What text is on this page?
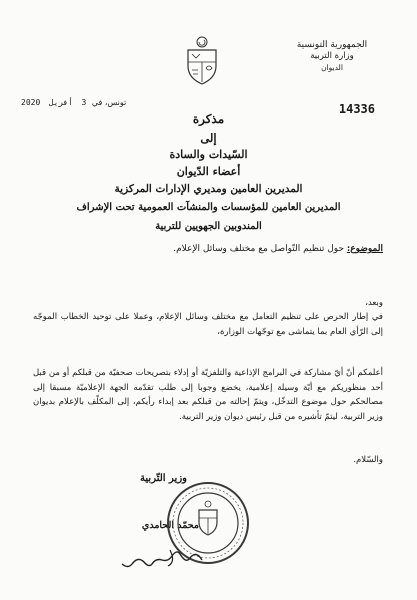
الجمهورية التونسية
وزارة التربية
الديوان
14336
تونس، في 3 أفريل 2020
مذكرة
إلى
السّيدات والسادة
أعضاء الدّيوان
المديرين العامين ومديري الإدارات المركزية
المديرين العامين للمؤسسات والمنشآت العمومية تحت الإشراف
المندوبين الجهويين للتربية
الموضوع: حول تنظيم التّواصل مع مختلف وسائل الإعلام.
وبعد،
في إطار الحرص على تنظيم التعامل مع مختلف وسائل الإعلام، وعملا على توحيد الخطاب الموجّه إلى الرّأي العام بما يتماشى مع توجّهات الوزارة،
أعلمكم أنّ أيّ مشاركة في البرامج الإذاعية والتلفزيّة أو إدلاء بتصريحات صحفيّة من قبلكم أو من قبل أحد منظوريكم مع أيّة وسيلة إعلامية، يخضع وجوبا إلى طلب تقدّمه الجهة الإعلاميّة مسبقا إلى مصالحكم حول موضوع التدخّل، ويتمّ إحالته من قبلكم بعد إبداء رأيكم، إلى المكلّف بالإعلام بديوان وزير التربية، ليتمّ تأشيره من قبل رئيس ديوان وزير التربية.
والسّلام.
وزير التّربية
محمّد الحامدي
